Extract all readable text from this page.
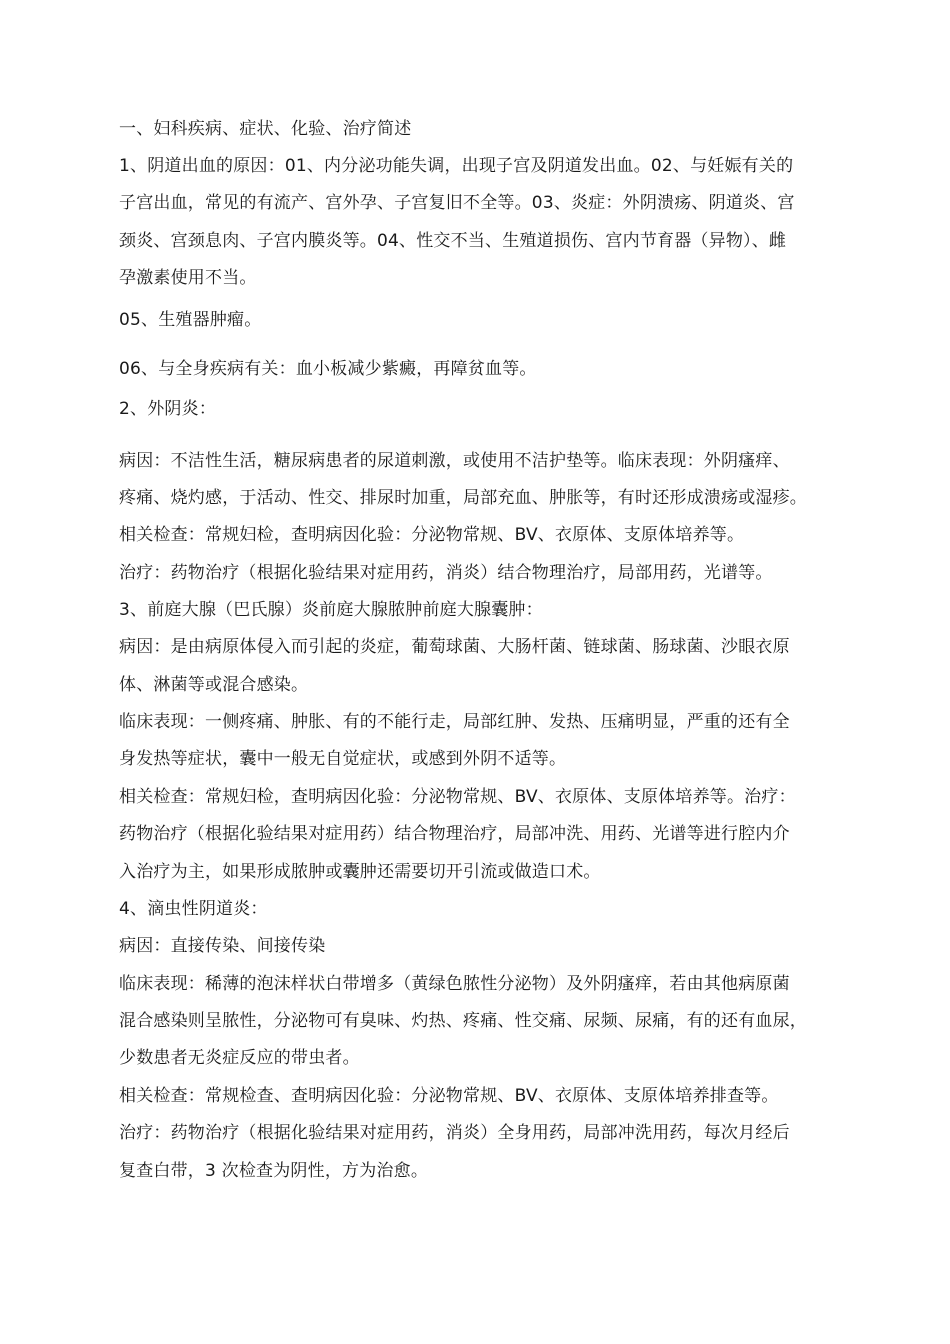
一、妇科疾病、症状、化验、治疗简述
1、阴道出血的原因：01、内分泌功能失调，出现子宫及阴道发出血。02、与妊娠有关的
子宫出血，常见的有流产、宫外孕、子宫复旧不全等。03、炎症：外阴溃疡、阴道炎、宫
颈炎、宫颈息肉、子宫内膜炎等。04、性交不当、生殖道损伤、宫内节育器（异物）、雌
孕激素使用不当。
05、生殖器肿瘤。
06、与全身疾病有关：血小板减少紫癜，再障贫血等。
2、外阴炎：
病因：不洁性生活，糖尿病患者的尿道刺激，或使用不洁护垫等。临床表现：外阴瘙痒、
疼痛、烧灼感，于活动、性交、排尿时加重，局部充血、肿胀等，有时还形成溃疡或湿疹。
相关检查：常规妇检，查明病因化验：分泌物常规、BV、衣原体、支原体培养等。
治疗：药物治疗（根据化验结果对症用药，消炎）结合物理治疗，局部用药，光谱等。
3、前庭大腺（巴氏腺）炎前庭大腺脓肿前庭大腺囊肿：
病因：是由病原体侵入而引起的炎症，葡萄球菌、大肠杆菌、链球菌、肠球菌、沙眼衣原
体、淋菌等或混合感染。
临床表现：一侧疼痛、肿胀、有的不能行走，局部红肿、发热、压痛明显，严重的还有全
身发热等症状，囊中一般无自觉症状，或感到外阴不适等。
相关检查：常规妇检，查明病因化验：分泌物常规、BV、衣原体、支原体培养等。治疗：
药物治疗（根据化验结果对症用药）结合物理治疗，局部冲洗、用药、光谱等进行腔内介
入治疗为主，如果形成脓肿或囊肿还需要切开引流或做造口术。
4、滴虫性阴道炎：
病因：直接传染、间接传染
临床表现：稀薄的泡沫样状白带增多（黄绿色脓性分泌物）及外阴瘙痒，若由其他病原菌
混合感染则呈脓性，分泌物可有臭味、灼热、疼痛、性交痛、尿频、尿痛，有的还有血尿，
少数患者无炎症反应的带虫者。
相关检查：常规检查、查明病因化验：分泌物常规、BV、衣原体、支原体培养排查等。
治疗：药物治疗（根据化验结果对症用药，消炎）全身用药，局部冲洗用药，每次月经后
复查白带，3 次检查为阴性，方为治愈。
